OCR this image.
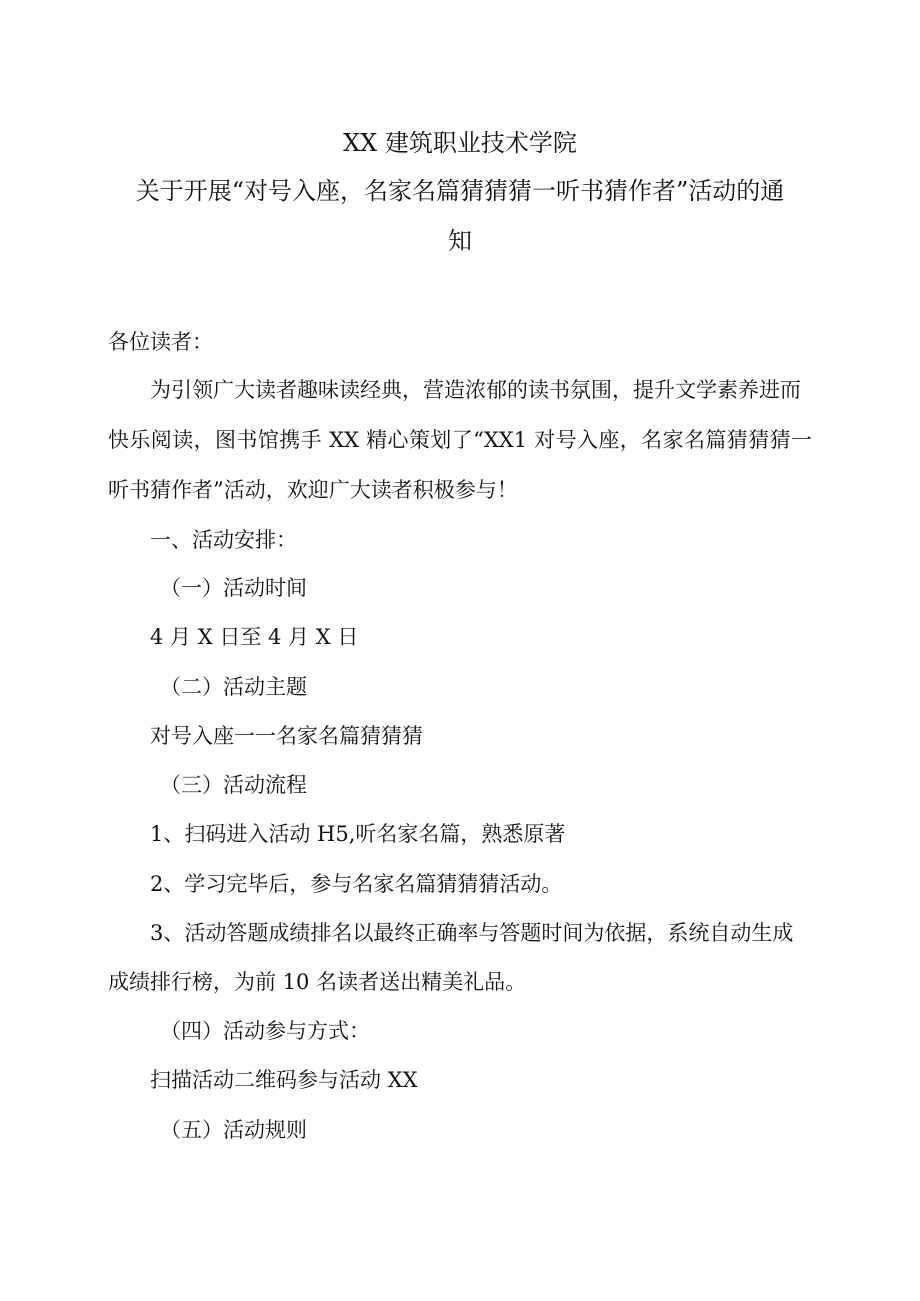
XX 建筑职业技术学院
关于开展“对号入座，名家名篇猜猜猜一听书猜作者”活动的通
知
各位读者：
为引领广大读者趣味读经典，营造浓郁的读书氛围，提升文学素养进而
快乐阅读，图书馆携手 XX 精心策划了“XX1 对号入座，名家名篇猜猜猜一
听书猜作者”活动，欢迎广大读者积极参与！
一、活动安排：
（一）活动时间
4 月 X 日至 4 月 X 日
（二）活动主题
对号入座一一名家名篇猜猜猜
（三）活动流程
1、扫码进入活动 H5,听名家名篇，熟悉原著
2、学习完毕后，参与名家名篇猜猜猜活动。
3、活动答题成绩排名以最终正确率与答题时间为依据，系统自动生成
成绩排行榜，为前 10 名读者送出精美礼品。
（四）活动参与方式：
扫描活动二维码参与活动 XX
（五）活动规则
